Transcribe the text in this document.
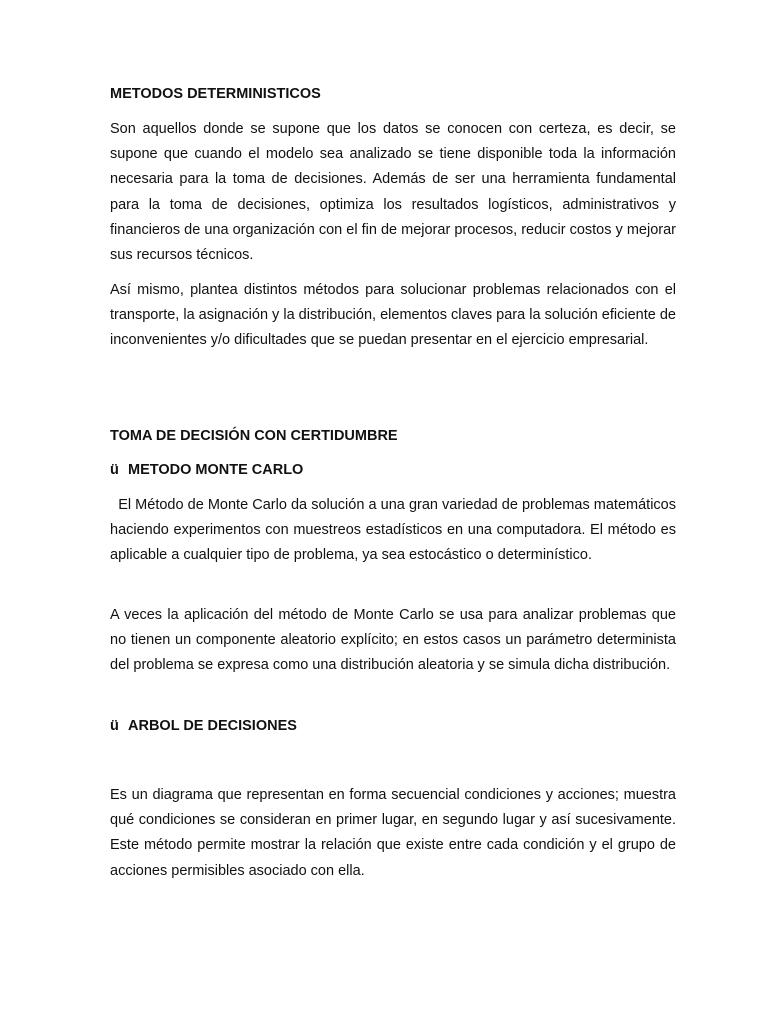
METODOS DETERMINISTICOS

Son aquellos donde se supone que los datos se conocen con certeza, es decir, se supone que cuando el modelo sea analizado se tiene disponible toda la información necesaria para la toma de decisiones. Además de ser una herramienta fundamental para la toma de decisiones, optimiza los resultados logísticos, administrativos y financieros de una organización con el fin de mejorar procesos, reducir costos y mejorar sus recursos técnicos.

Así mismo, plantea distintos métodos para solucionar problemas relacionados con el transporte, la asignación y la distribución, elementos claves para la solución eficiente de inconvenientes y/o dificultades que se puedan presentar en el ejercicio empresarial.

TOMA DE DECISIÓN CON CERTIDUMBRE
ü METODO MONTE CARLO

El Método de Monte Carlo da solución a una gran variedad de problemas matemáticos haciendo experimentos con muestreos estadísticos en una computadora. El método es aplicable a cualquier tipo de problema, ya sea estocástico o determinístico.

A veces la aplicación del método de Monte Carlo se usa para analizar problemas que no tienen un componente aleatorio explícito; en estos casos un parámetro determinista del problema se expresa como una distribución aleatoria y se simula dicha distribución.

ü ARBOL DE DECISIONES

Es un diagrama que representan en forma secuencial condiciones y acciones; muestra qué condiciones se consideran en primer lugar, en segundo lugar y así sucesivamente. Este método permite mostrar la relación que existe entre cada condición y el grupo de acciones permisibles asociado con ella.
